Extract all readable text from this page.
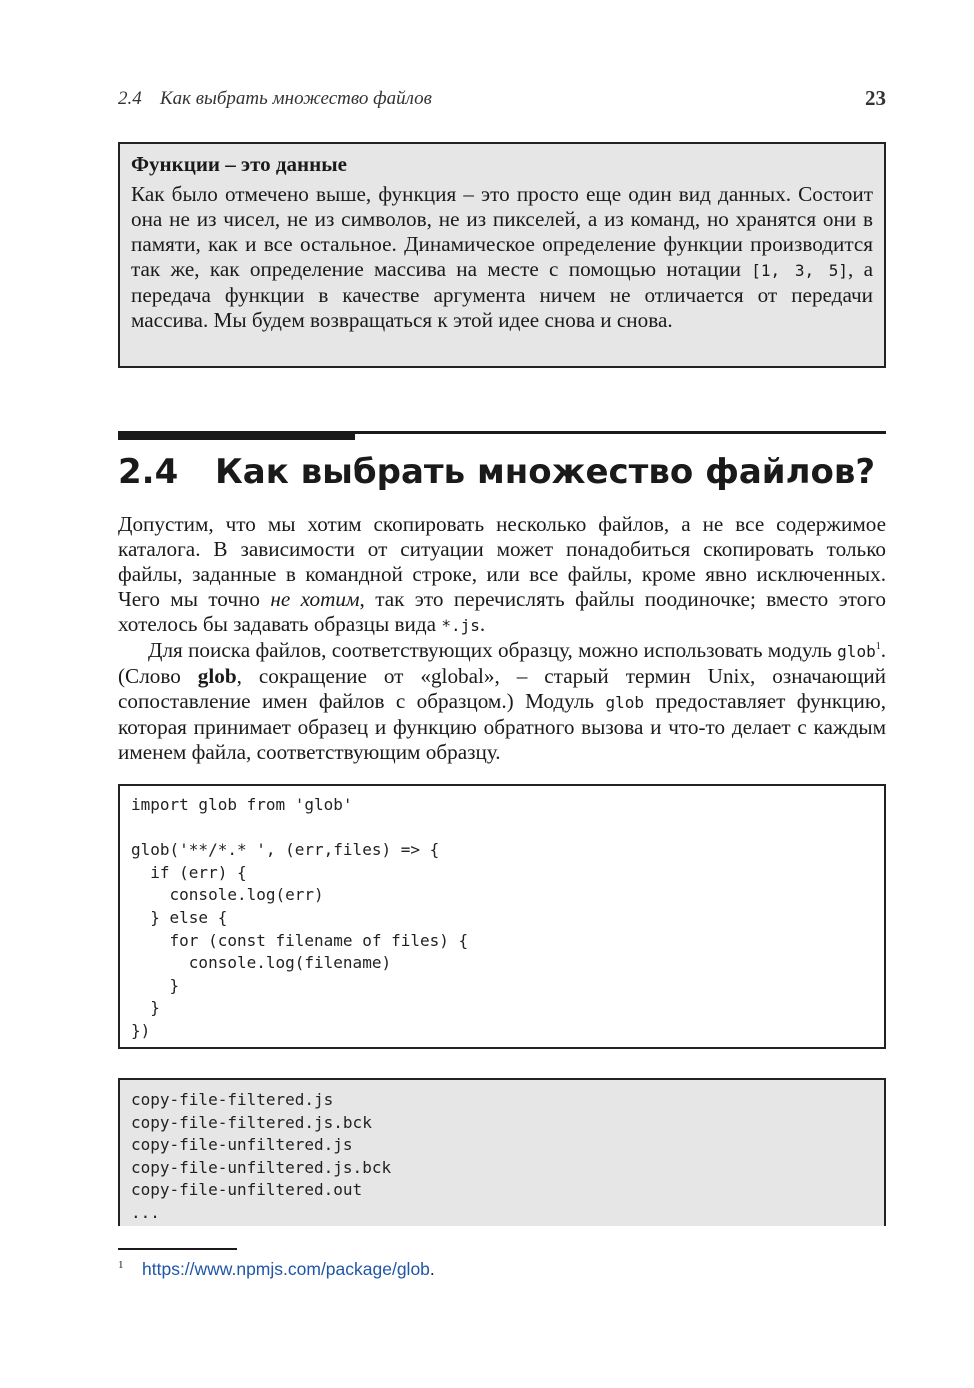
2.4 Как выбрать множество файлов	23
Функции – это данные

Как было отмечено выше, функция – это просто еще один вид данных. Состоит она не из чисел, не из символов, не из пикселей, а из команд, но хранятся они в памяти, как и все остальное. Динамическое определение функции производится так же, как определение массива на месте с помощью нотации [1, 3, 5], а передача функции в качестве аргумента ничем не отличается от передачи массива. Мы будем возвращаться к этой идее снова и снова.

2.4 Как выбрать множество файлов?

Допустим, что мы хотим скопировать несколько файлов, а не все содержимое каталога. В зависимости от ситуации может понадобиться скопировать только файлы, заданные в командной строке, или все файлы, кроме явно исключенных. Чего мы точно не хотим, так это перечислять файлы поодиночке; вместо этого хотелось бы задавать образцы вида *.js.

Для поиска файлов, соответствующих образцу, можно использовать модуль glob$^1$. (Слово glob, сокращение от «global», – старый термин Unix, означающий сопоставление имен файлов с образцом.) Модуль glob предоставляет функцию, которая принимает образец и функцию обратного вызова и что-то делает с каждым именем файла, соответствующим образцу.

import glob from 'glob'

glob('**/*.* ', (err,files) => {
if (err) {
console.log(err)
} else {
for (const filename of files) {
console.log(filename)
}
}
})
copy-file-filtered.js
copy-file-filtered.js.bck
copy-file-unfiltered.js
copy-file-unfiltered.js.bck
copy-file-unfiltered.out
...
1 https://www.npmjs.com/package/glob.
